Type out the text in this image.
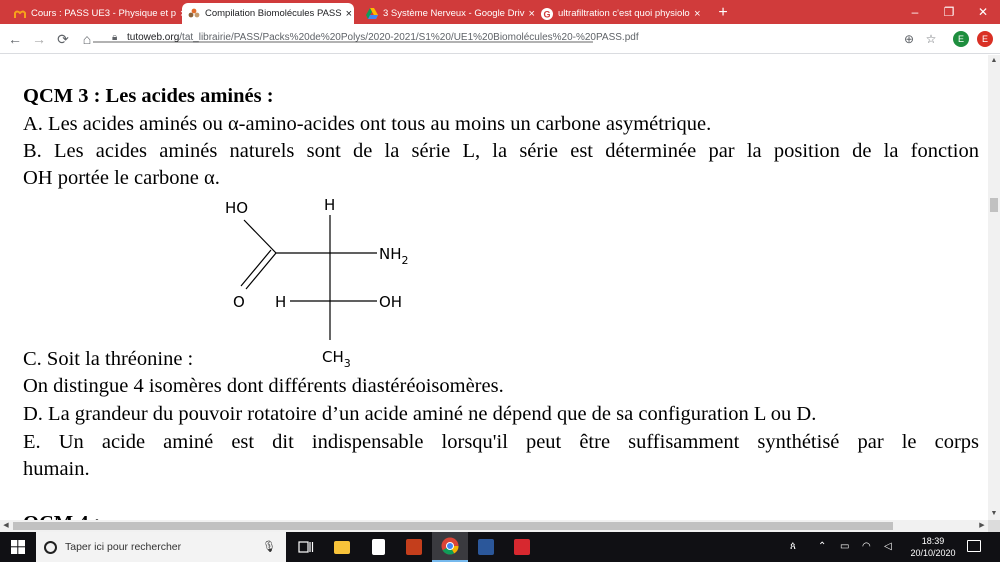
Cours : PASS UE3 - Physique et p	Compilation Biomolécules PASS ×	3 Système Nerveux - Google Driv × G ultrafiltration c'est quoi physiolo ×	+	–	❐	✕
← → ⟳ ⌂	🔒︎ tutoweb.org/tat_librairie/PASS/Packs%20de%20Polys/2020-2021/S1%20/UE1%20Biomolécules%20-%20PASS.pdf	⊕ ☆	E	E
QCM 3 : Les acides aminés :
A. Les acides aminés ou α-amino-acides ont tous au moins un carbone asymétrique.
B. Les acides aminés naturels sont de la série L, la série est déterminée par la position de la fonction
OH portée le carbone α.
C. Soit la thréonine :
On distingue 4 isomères dont différents diastéréoisomères.
D. La grandeur du pouvoir rotatoire d’un acide aminé ne dépend que de sa configuration L ou D.
E. Un acide aminé est dit indispensable lorsqu'il peut être suffisamment synthétisé par le corps
humain.
HO
O
H
$NH_2$
H	OH
$CH_3$
▲
▼
◀	▶
Taper ici pour rechercher	🎙︎	ጰ ⌃ ▭ ◠ ◁	18:39
20/10/2020
